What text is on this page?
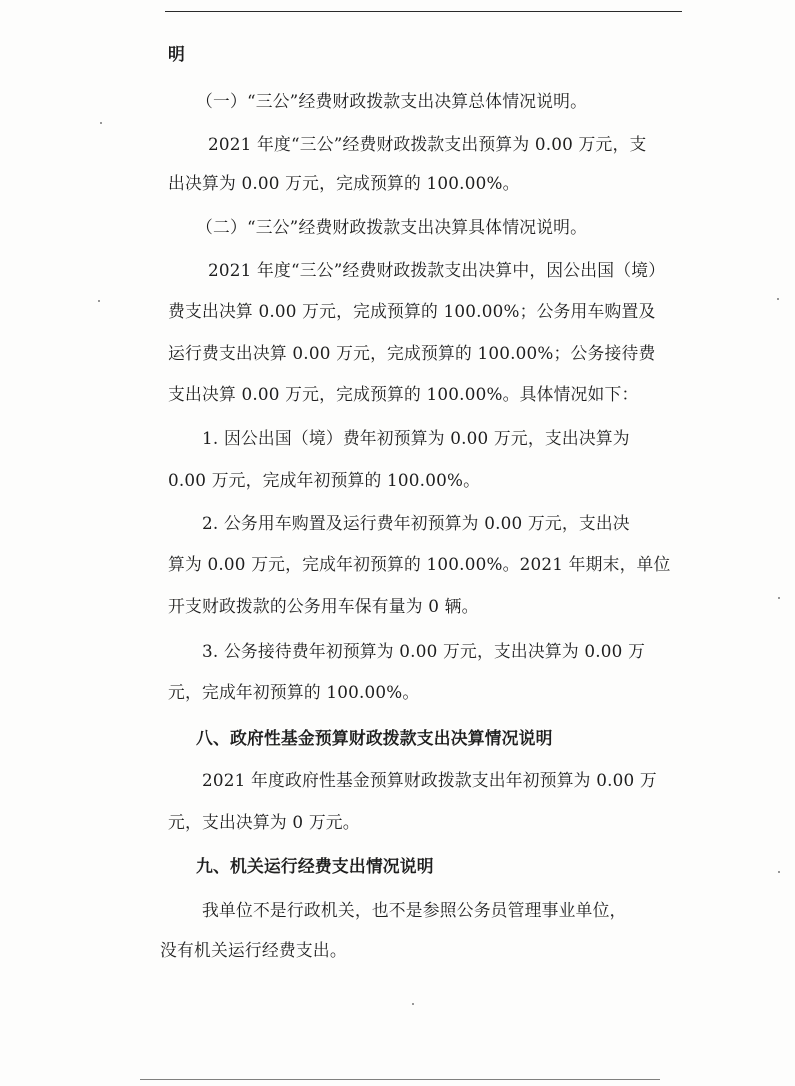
明
（一）“三公”经费财政拨款支出决算总体情况说明。
2021 年度“三公”经费财政拨款支出预算为 0.00 万元，支
出决算为 0.00 万元，完成预算的 100.00%。
（二）“三公”经费财政拨款支出决算具体情况说明。
2021 年度“三公”经费财政拨款支出决算中，因公出国（境）
费支出决算 0.00 万元，完成预算的 100.00%；公务用车购置及
运行费支出决算 0.00 万元，完成预算的 100.00%；公务接待费
支出决算 0.00 万元，完成预算的 100.00%。具体情况如下：
1. 因公出国（境）费年初预算为 0.00 万元，支出决算为
0.00 万元，完成年初预算的 100.00%。
2. 公务用车购置及运行费年初预算为 0.00 万元，支出决
算为 0.00 万元，完成年初预算的 100.00%。2021 年期末，单位
开支财政拨款的公务用车保有量为 0 辆。
3. 公务接待费年初预算为 0.00 万元，支出决算为 0.00 万
元，完成年初预算的 100.00%。
八、政府性基金预算财政拨款支出决算情况说明
2021 年度政府性基金预算财政拨款支出年初预算为 0.00 万
元，支出决算为 0 万元。
九、机关运行经费支出情况说明
我单位不是行政机关，也不是参照公务员管理事业单位，
没有机关运行经费支出。
